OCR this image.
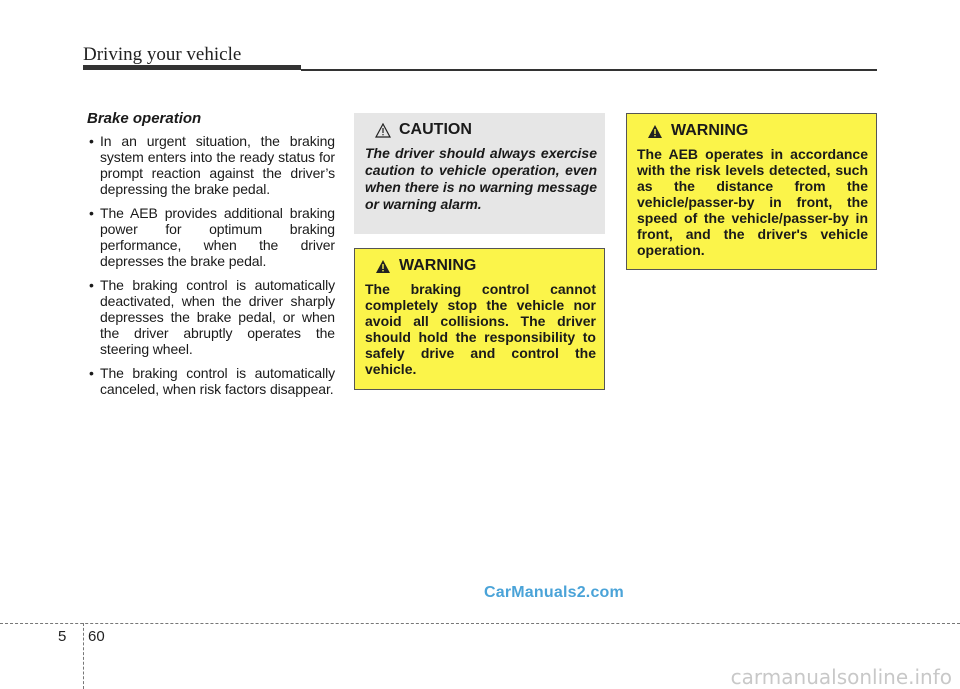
Driving your vehicle
Brake operation
• In an urgent situation, the braking system enters into the ready status for prompt reaction against the driver’s depressing the brake pedal.
• The AEB provides additional braking power for optimum braking performance, when the driver depresses the brake pedal.
• The braking control is automatically deactivated, when the driver sharply depresses the brake pedal, or when the driver abruptly operates the steering wheel.
• The braking control is automatically canceled, when risk factors disappear.
CAUTION

The driver should always exercise caution to vehicle operation, even when there is no warning message or warning alarm.

WARNING

The braking control cannot completely stop the vehicle nor avoid all collisions. The driver should hold the responsibility to safely drive and control the vehicle.

WARNING

The AEB operates in accordance with the risk levels detected, such as the distance from the vehicle/passer-by in front, the speed of the vehicle/passer-by in front, and the driver's vehicle operation.

CarManuals2.com
5 60
carmanualsonline.info
